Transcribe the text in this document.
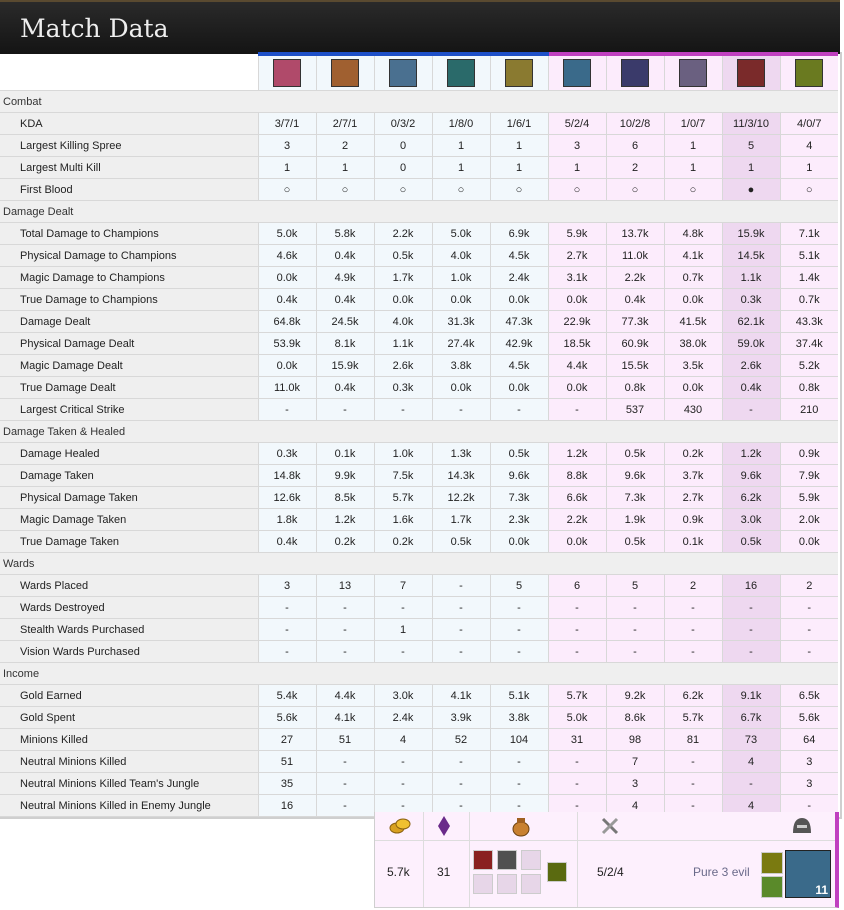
Match Data

Combat										
KDA	3/7/1	2/7/1	0/3/2	1/8/0	1/6/1	5/2/4	10/2/8	1/0/7	11/3/10	4/0/7
Largest Killing Spree	3	2	0	1	1	3	6	1	5	4
Largest Multi Kill	1	1	0	1	1	1	2	1	1	1
First Blood	○	○	○	○	○	○	○	○	●	○
Damage Dealt										
Total Damage to Champions	5.0k	5.8k	2.2k	5.0k	6.9k	5.9k	13.7k	4.8k	15.9k	7.1k
Physical Damage to Champions	4.6k	0.4k	0.5k	4.0k	4.5k	2.7k	11.0k	4.1k	14.5k	5.1k
Magic Damage to Champions	0.0k	4.9k	1.7k	1.0k	2.4k	3.1k	2.2k	0.7k	1.1k	1.4k
True Damage to Champions	0.4k	0.4k	0.0k	0.0k	0.0k	0.0k	0.4k	0.0k	0.3k	0.7k
Damage Dealt	64.8k	24.5k	4.0k	31.3k	47.3k	22.9k	77.3k	41.5k	62.1k	43.3k
Physical Damage Dealt	53.9k	8.1k	1.1k	27.4k	42.9k	18.5k	60.9k	38.0k	59.0k	37.4k
Magic Damage Dealt	0.0k	15.9k	2.6k	3.8k	4.5k	4.4k	15.5k	3.5k	2.6k	5.2k
True Damage Dealt	11.0k	0.4k	0.3k	0.0k	0.0k	0.0k	0.8k	0.0k	0.4k	0.8k
Largest Critical Strike	-	-	-	-	-	-	537	430	-	210
Damage Taken & Healed										
Damage Healed	0.3k	0.1k	1.0k	1.3k	0.5k	1.2k	0.5k	0.2k	1.2k	0.9k
Damage Taken	14.8k	9.9k	7.5k	14.3k	9.6k	8.8k	9.6k	3.7k	9.6k	7.9k
Physical Damage Taken	12.6k	8.5k	5.7k	12.2k	7.3k	6.6k	7.3k	2.7k	6.2k	5.9k
Magic Damage Taken	1.8k	1.2k	1.6k	1.7k	2.3k	2.2k	1.9k	0.9k	3.0k	2.0k
True Damage Taken	0.4k	0.2k	0.2k	0.5k	0.0k	0.0k	0.5k	0.1k	0.5k	0.0k
Wards										
Wards Placed	3	13	7	-	5	6	5	2	16	2
Wards Destroyed	-	-	-	-	-	-	-	-	-	-
Stealth Wards Purchased	-	-	1	-	-	-	-	-	-	-
Vision Wards Purchased	-	-	-	-	-	-	-	-	-	-
Income										
Gold Earned	5.4k	4.4k	3.0k	4.1k	5.1k	5.7k	9.2k	6.2k	9.1k	6.5k
Gold Spent	5.6k	4.1k	2.4k	3.9k	3.8k	5.0k	8.6k	5.7k	6.7k	5.6k
Minions Killed	27	51	4	52	104	31	98	81	73	64
Neutral Minions Killed	51	-	-	-	-	-	7	-	4	3
Neutral Minions Killed Team's Jungle	35	-	-	-	-	-	3	-	-	3
Neutral Minions Killed in Enemy Jungle	16	-	-	-	-	-	4	-	4	-
5.7k 31	5/2/4	Pure 3 evil
11
